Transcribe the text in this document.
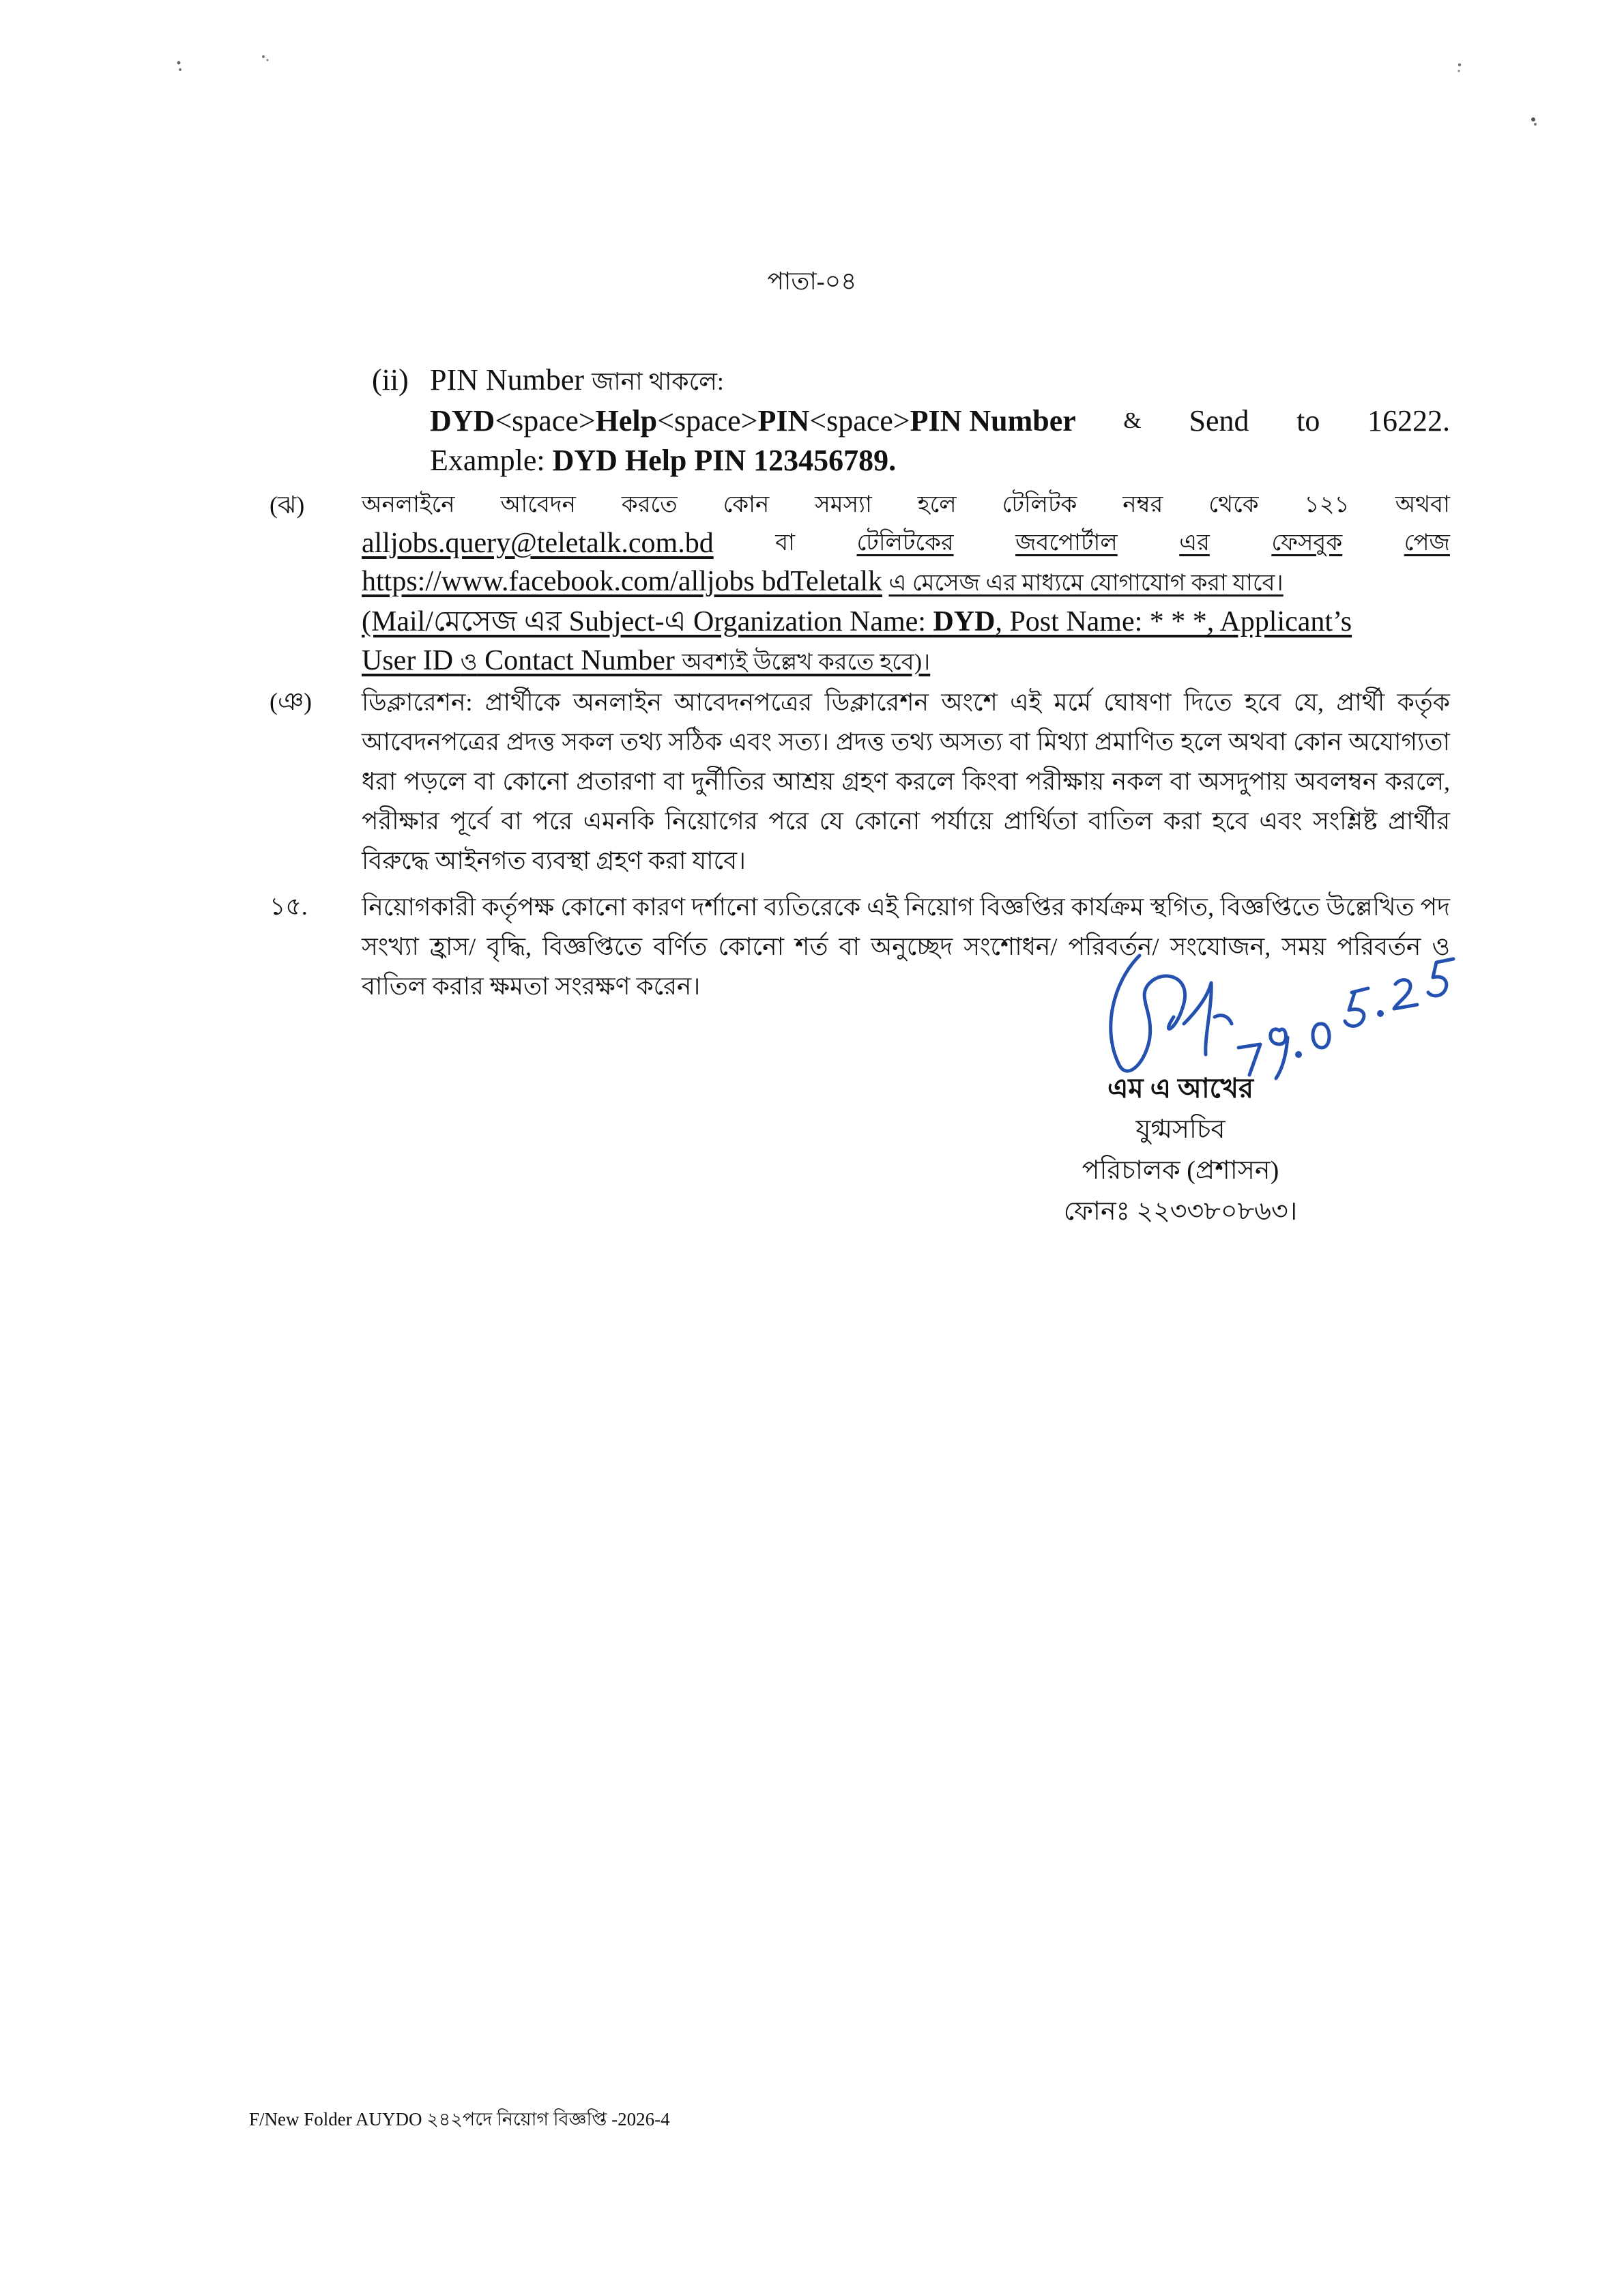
পাতা-০৪
(ii) PIN Number জানা থাকলে:
DYD<space>Help<space>PIN<space>PIN Number & Send to 16222.
Example: DYD Help PIN 123456789.
(ঝ) অনলাইনে আবেদন করতে কোন সমস্যা হলে টেলিটক নম্বর থেকে ১২১ অথবা
alljobs.query@teletalk.com.bd	বা	টেলিটকের	জবপোর্টাল	এর	ফেসবুক	পেজ
https://www.facebook.com/alljobs bdTeletalk এ মেসেজ এর মাধ্যমে যোগাযোগ করা যাবে।
(Mail/মেসেজ এর Subject-এ Organization Name: DYD, Post Name: * * *, Applicant’s
User ID ও Contact Number অবশ্যই উল্লেখ করতে হবে)।
(ঞ) ডিক্লারেশন: প্রার্থীকে অনলাইন আবেদনপত্রের ডিক্লারেশন অংশে এই মর্মে ঘোষণা দিতে হবে যে, প্রার্থী কর্তৃক আবেদনপত্রের প্রদত্ত সকল তথ্য সঠিক এবং সত্য। প্রদত্ত তথ্য অসত্য বা মিথ্যা প্রমাণিত হলে অথবা কোন অযোগ্যতা ধরা পড়লে বা কোনো প্রতারণা বা দুর্নীতির আশ্রয় গ্রহণ করলে কিংবা পরীক্ষায় নকল বা অসদুপায় অবলম্বন করলে, পরীক্ষার পূর্বে বা পরে এমনকি নিয়োগের পরে যে কোনো পর্যায়ে প্রার্থিতা বাতিল করা হবে এবং সংশ্লিষ্ট প্রার্থীর বিরুদ্ধে আইনগত ব্যবস্থা গ্রহণ করা যাবে।
১৫. নিয়োগকারী কর্তৃপক্ষ কোনো কারণ দর্শানো ব্যতিরেকে এই নিয়োগ বিজ্ঞপ্তির কার্যক্রম স্থগিত, বিজ্ঞপ্তিতে উল্লেখিত পদ সংখ্যা হ্রাস/ বৃদ্ধি, বিজ্ঞপ্তিতে বর্ণিত কোনো শর্ত বা অনুচ্ছেদ সংশোধন/ পরিবর্তন/ সংযোজন, সময় পরিবর্তন ও বাতিল করার ক্ষমতা সংরক্ষণ করেন।
এম এ আখের
যুগ্মসচিব
পরিচালক (প্রশাসন)
ফোনঃ ২২৩৩৮০৮৬৩।
F/New Folder AUYDO ২৪২পদে নিয়োগ বিজ্ঞপ্তি -2026-4
